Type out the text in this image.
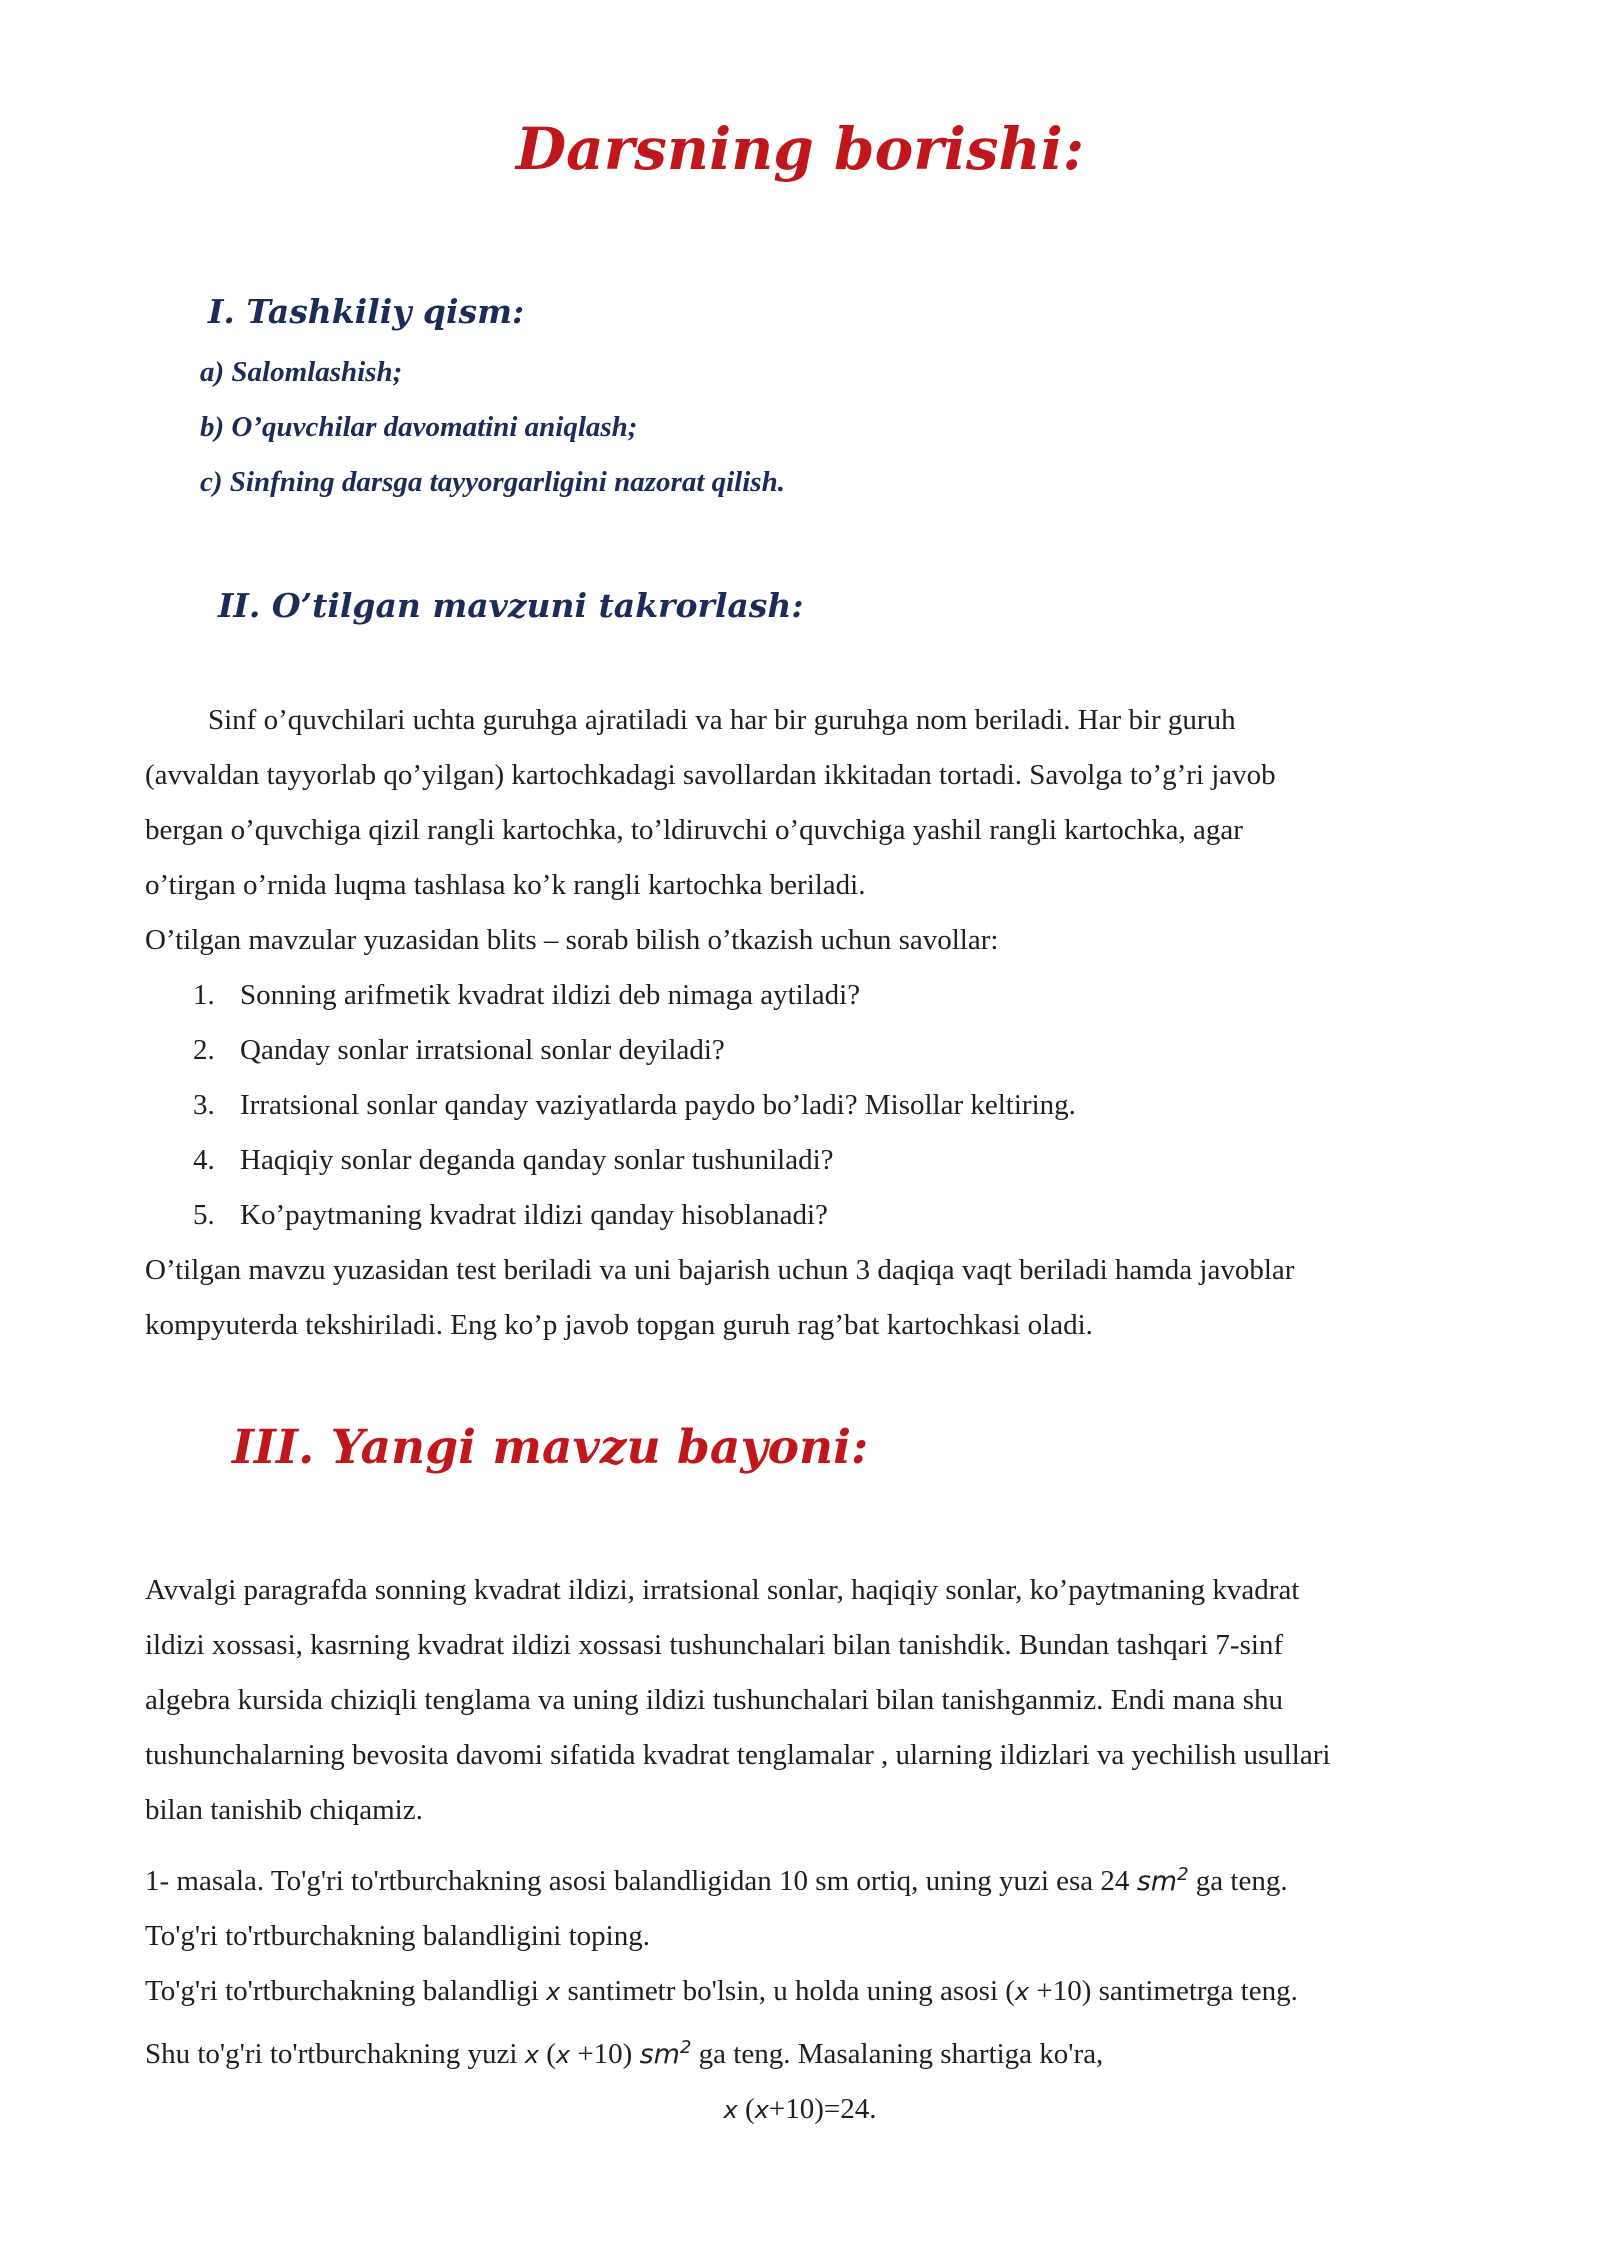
Darsning borishi:
I. Tashkiliy qism:

a) Salomlashish;

b) O’quvchilar davomatini aniqlash;

c) Sinfning darsga tayyorgarligini nazorat qilish.

II. O’tilgan mavzuni takrorlash:
Sinf o’quvchilari uchta guruhga ajratiladi va har bir guruhga nom beriladi. Har bir guruh
(avvaldan tayyorlab qo’yilgan) kartochkadagi savollardan ikkitadan tortadi. Savolga to’g’ri javob
bergan o’quvchiga qizil rangli kartochka, to’ldiruvchi o’quvchiga yashil rangli kartochka, agar
o’tirgan o’rnida luqma tashlasa ko’k rangli kartochka beriladi.

O’tilgan mavzular yuzasidan blits – sorab bilish o’tkazish uchun savollar:

1. Sonning arifmetik kvadrat ildizi deb nimaga aytiladi?
2. Qanday sonlar irratsional sonlar deyiladi?
3. Irratsional sonlar qanday vaziyatlarda paydo bo’ladi? Misollar keltiring.
4. Haqiqiy sonlar deganda qanday sonlar tushuniladi?
5. Ko’paytmaning kvadrat ildizi qanday hisoblanadi?
O’tilgan mavzu yuzasidan test beriladi va uni bajarish uchun 3 daqiqa vaqt beriladi hamda javoblar
kompyuterda tekshiriladi. Eng ko’p javob topgan guruh rag’bat kartochkasi oladi.
III. Yangi mavzu bayoni:
Avvalgi paragrafda sonning kvadrat ildizi, irratsional sonlar, haqiqiy sonlar, ko’paytmaning kvadrat
ildizi xossasi, kasrning kvadrat ildizi xossasi tushunchalari bilan tanishdik. Bundan tashqari 7-sinf
algebra kursida chiziqli tenglama va uning ildizi tushunchalari bilan tanishganmiz. Endi mana shu
tushunchalarning bevosita davomi sifatida kvadrat tenglamalar , ularning ildizlari va yechilish usullari
bilan tanishib chiqamiz.
1- masala. To'g'ri to'rtburchakning asosi balandligidan 10 sm ortiq, uning yuzi esa 24 $sm^2$ ga teng.
To'g'ri to'rtburchakning balandligini toping.
To'g'ri to'rtburchakning balandligi x santimetr bo'lsin, u holda uning asosi (x +10) santimetrga teng.
Shu to'g'ri to'rtburchakning yuzi x (x +10) $sm^2$ ga teng. Masalaning shartiga ko'ra,

x (x+10)=24.
